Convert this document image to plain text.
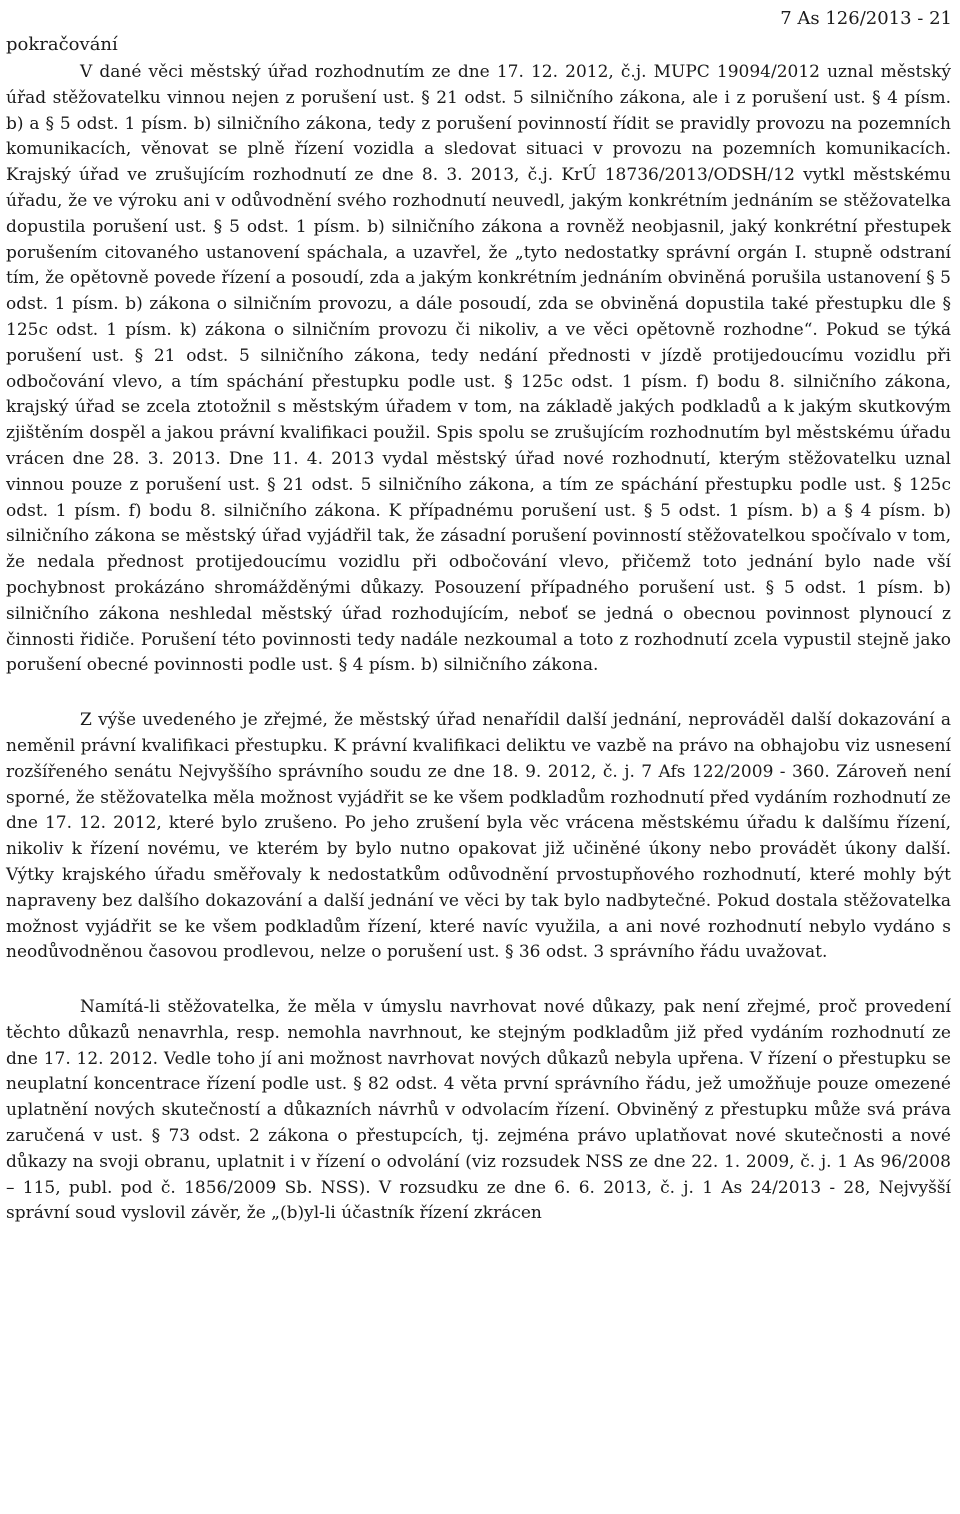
pokračování
7 As 126/2013 - 21

V dané věci městský úřad rozhodnutím ze dne 17. 12. 2012, č.j. MUPC 19094/2012 uznal městský úřad stěžovatelku vinnou nejen z porušení ust. § 21 odst. 5 silničního zákona, ale i z porušení ust. § 4 písm. b) a § 5 odst. 1 písm. b) silničního zákona, tedy z porušení povinností řídit se pravidly provozu na pozemních komunikacích, věnovat se plně řízení vozidla a sledovat situaci v provozu na pozemních komunikacích. Krajský úřad ve zrušujícím rozhodnutí ze dne 8. 3. 2013, č.j. KrÚ 18736/2013/ODSH/12 vytkl městskému úřadu, že ve výroku ani v odůvodnění svého rozhodnutí neuvedl, jakým konkrétním jednáním se stěžovatelka dopustila porušení ust. § 5 odst. 1 písm. b) silničního zákona a rovněž neobjasnil, jaký konkrétní přestupek porušením citovaného ustanovení spáchala, a uzavřel, že „tyto nedostatky správní orgán I. stupně odstraní tím, že opětovně povede řízení a posoudí, zda a jakým konkrétním jednáním obviněná porušila ustanovení § 5 odst. 1 písm. b) zákona o silničním provozu, a dále posoudí, zda se obviněná dopustila také přestupku dle § 125c odst. 1 písm. k) zákona o silničním provozu či nikoliv, a ve věci opětovně rozhodne“. Pokud se týká porušení ust. § 21 odst. 5 silničního zákona, tedy nedání přednosti v jízdě protijedoucímu vozidlu při odbočování vlevo, a tím spáchání přestupku podle ust. § 125c odst. 1 písm. f) bodu 8. silničního zákona, krajský úřad se zcela ztotožnil s městským úřadem v tom, na základě jakých podkladů a k jakým skutkovým zjištěním dospěl a jakou právní kvalifikaci použil. Spis spolu se zrušujícím rozhodnutím byl městskému úřadu vrácen dne 28. 3. 2013. Dne 11. 4. 2013 vydal městský úřad nové rozhodnutí, kterým stěžovatelku uznal vinnou pouze z porušení ust. § 21 odst. 5 silničního zákona, a tím ze spáchání přestupku podle ust. § 125c odst. 1 písm. f) bodu 8. silničního zákona. K případnému porušení ust. § 5 odst. 1 písm. b) a § 4 písm. b) silničního zákona se městský úřad vyjádřil tak, že zásadní porušení povinností stěžovatelkou spočívalo v tom, že nedala přednost protijedoucímu vozidlu při odbočování vlevo, přičemž toto jednání bylo nade vší pochybnost prokázáno shromážděnými důkazy. Posouzení případného porušení ust. § 5 odst. 1 písm. b) silničního zákona neshledal městský úřad rozhodujícím, neboť se jedná o obecnou povinnost plynoucí z činnosti řidiče. Porušení této povinnosti tedy nadále nezkoumal a toto z rozhodnutí zcela vypustil stejně jako porušení obecné povinnosti podle ust. § 4 písm. b) silničního zákona.

Z výše uvedeného je zřejmé, že městský úřad nenařídil další jednání, neprováděl další dokazování a neměnil právní kvalifikaci přestupku. K právní kvalifikaci deliktu ve vazbě na právo na obhajobu viz usnesení rozšířeného senátu Nejvyššího správního soudu ze dne 18. 9. 2012, č. j. 7 Afs 122/2009 - 360. Zároveň není sporné, že stěžovatelka měla možnost vyjádřit se ke všem podkladům rozhodnutí před vydáním rozhodnutí ze dne 17. 12. 2012, které bylo zrušeno. Po jeho zrušení byla věc vrácena městskému úřadu k dalšímu řízení, nikoliv k řízení novému, ve kterém by bylo nutno opakovat již učiněné úkony nebo provádět úkony další. Výtky krajského úřadu směřovaly k nedostatkům odůvodnění prvostupňového rozhodnutí, které mohly být napraveny bez dalšího dokazování a další jednání ve věci by tak bylo nadbytečné. Pokud dostala stěžovatelka možnost vyjádřit se ke všem podkladům řízení, které navíc využila, a ani nové rozhodnutí nebylo vydáno s neodůvodněnou časovou prodlevou, nelze o porušení ust. § 36 odst. 3 správního řádu uvažovat.

Namítá-li stěžovatelka, že měla v úmyslu navrhovat nové důkazy, pak není zřejmé, proč provedení těchto důkazů nenavrhla, resp. nemohla navrhnout, ke stejným podkladům již před vydáním rozhodnutí ze dne 17. 12. 2012. Vedle toho jí ani možnost navrhovat nových důkazů nebyla upřena. V řízení o přestupku se neuplatní koncentrace řízení podle ust. § 82 odst. 4 věta první správního řádu, jež umožňuje pouze omezené uplatnění nových skutečností a důkazních návrhů v odvolacím řízení. Obviněný z přestupku může svá práva zaručená v ust. § 73 odst. 2 zákona o přestupcích, tj. zejména právo uplatňovat nové skutečnosti a nové důkazy na svoji obranu, uplatnit i v řízení o odvolání (viz rozsudek NSS ze dne 22. 1. 2009, č. j. 1 As 96/2008 – 115, publ. pod č. 1856/2009 Sb. NSS). V rozsudku ze dne 6. 6. 2013, č. j. 1 As 24/2013 - 28, Nejvyšší správní soud vyslovil závěr, že „(b)yl-li účastník řízení zkrácen
